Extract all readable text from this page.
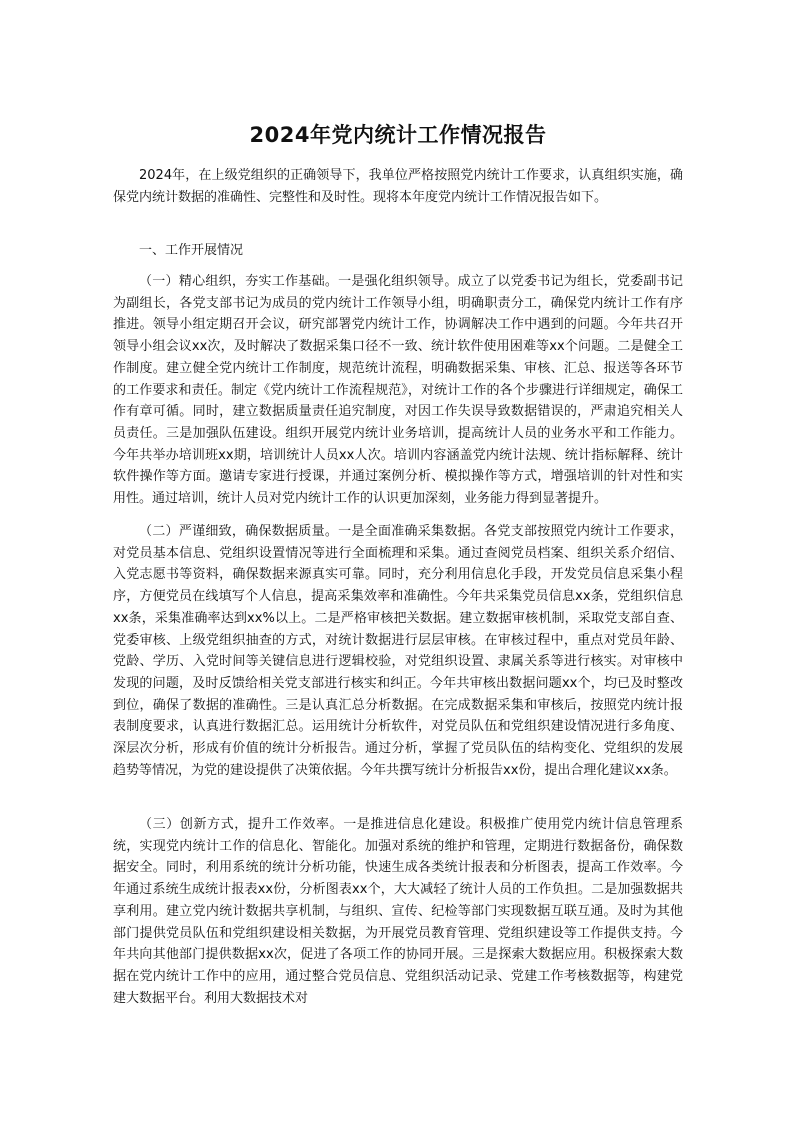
2024年党内统计工作情况报告

2024年，在上级党组织的正确领导下，我单位严格按照党内统计工作要求，认真组织实施，确保党内统计数据的准确性、完整性和及时性。现将本年度党内统计工作情况报告如下。

一、工作开展情况

（一）精心组织，夯实工作基础。一是强化组织领导。成立了以党委书记为组长，党委副书记为副组长，各党支部书记为成员的党内统计工作领导小组，明确职责分工，确保党内统计工作有序推进。领导小组定期召开会议，研究部署党内统计工作，协调解决工作中遇到的问题。今年共召开领导小组会议xx次，及时解决了数据采集口径不一致、统计软件使用困难等xx个问题。二是健全工作制度。建立健全党内统计工作制度，规范统计流程，明确数据采集、审核、汇总、报送等各环节的工作要求和责任。制定《党内统计工作流程规范》，对统计工作的各个步骤进行详细规定，确保工作有章可循。同时，建立数据质量责任追究制度，对因工作失误导致数据错误的，严肃追究相关人员责任。三是加强队伍建设。组织开展党内统计业务培训，提高统计人员的业务水平和工作能力。今年共举办培训班xx期，培训统计人员xx人次。培训内容涵盖党内统计法规、统计指标解释、统计软件操作等方面。邀请专家进行授课，并通过案例分析、模拟操作等方式，增强培训的针对性和实用性。通过培训，统计人员对党内统计工作的认识更加深刻，业务能力得到显著提升。

（二）严谨细致，确保数据质量。一是全面准确采集数据。各党支部按照党内统计工作要求，对党员基本信息、党组织设置情况等进行全面梳理和采集。通过查阅党员档案、组织关系介绍信、入党志愿书等资料，确保数据来源真实可靠。同时，充分利用信息化手段，开发党员信息采集小程序，方便党员在线填写个人信息，提高采集效率和准确性。今年共采集党员信息xx条，党组织信息xx条，采集准确率达到xx%以上。二是严格审核把关数据。建立数据审核机制，采取党支部自查、党委审核、上级党组织抽查的方式，对统计数据进行层层审核。在审核过程中，重点对党员年龄、党龄、学历、入党时间等关键信息进行逻辑校验，对党组织设置、隶属关系等进行核实。对审核中发现的问题，及时反馈给相关党支部进行核实和纠正。今年共审核出数据问题xx个，均已及时整改到位，确保了数据的准确性。三是认真汇总分析数据。在完成数据采集和审核后，按照党内统计报表制度要求，认真进行数据汇总。运用统计分析软件，对党员队伍和党组织建设情况进行多角度、深层次分析，形成有价值的统计分析报告。通过分析，掌握了党员队伍的结构变化、党组织的发展趋势等情况，为党的建设提供了决策依据。今年共撰写统计分析报告xx份，提出合理化建议xx条。

（三）创新方式，提升工作效率。一是推进信息化建设。积极推广使用党内统计信息管理系统，实现党内统计工作的信息化、智能化。加强对系统的维护和管理，定期进行数据备份，确保数据安全。同时，利用系统的统计分析功能，快速生成各类统计报表和分析图表，提高工作效率。今年通过系统生成统计报表xx份，分析图表xx个，大大减轻了统计人员的工作负担。二是加强数据共享利用。建立党内统计数据共享机制，与组织、宣传、纪检等部门实现数据互联互通。及时为其他部门提供党员队伍和党组织建设相关数据，为开展党员教育管理、党组织建设等工作提供支持。今年共向其他部门提供数据xx次，促进了各项工作的协同开展。三是探索大数据应用。积极探索大数据在党内统计工作中的应用，通过整合党员信息、党组织活动记录、党建工作考核数据等，构建党建大数据平台。利用大数据技术对
